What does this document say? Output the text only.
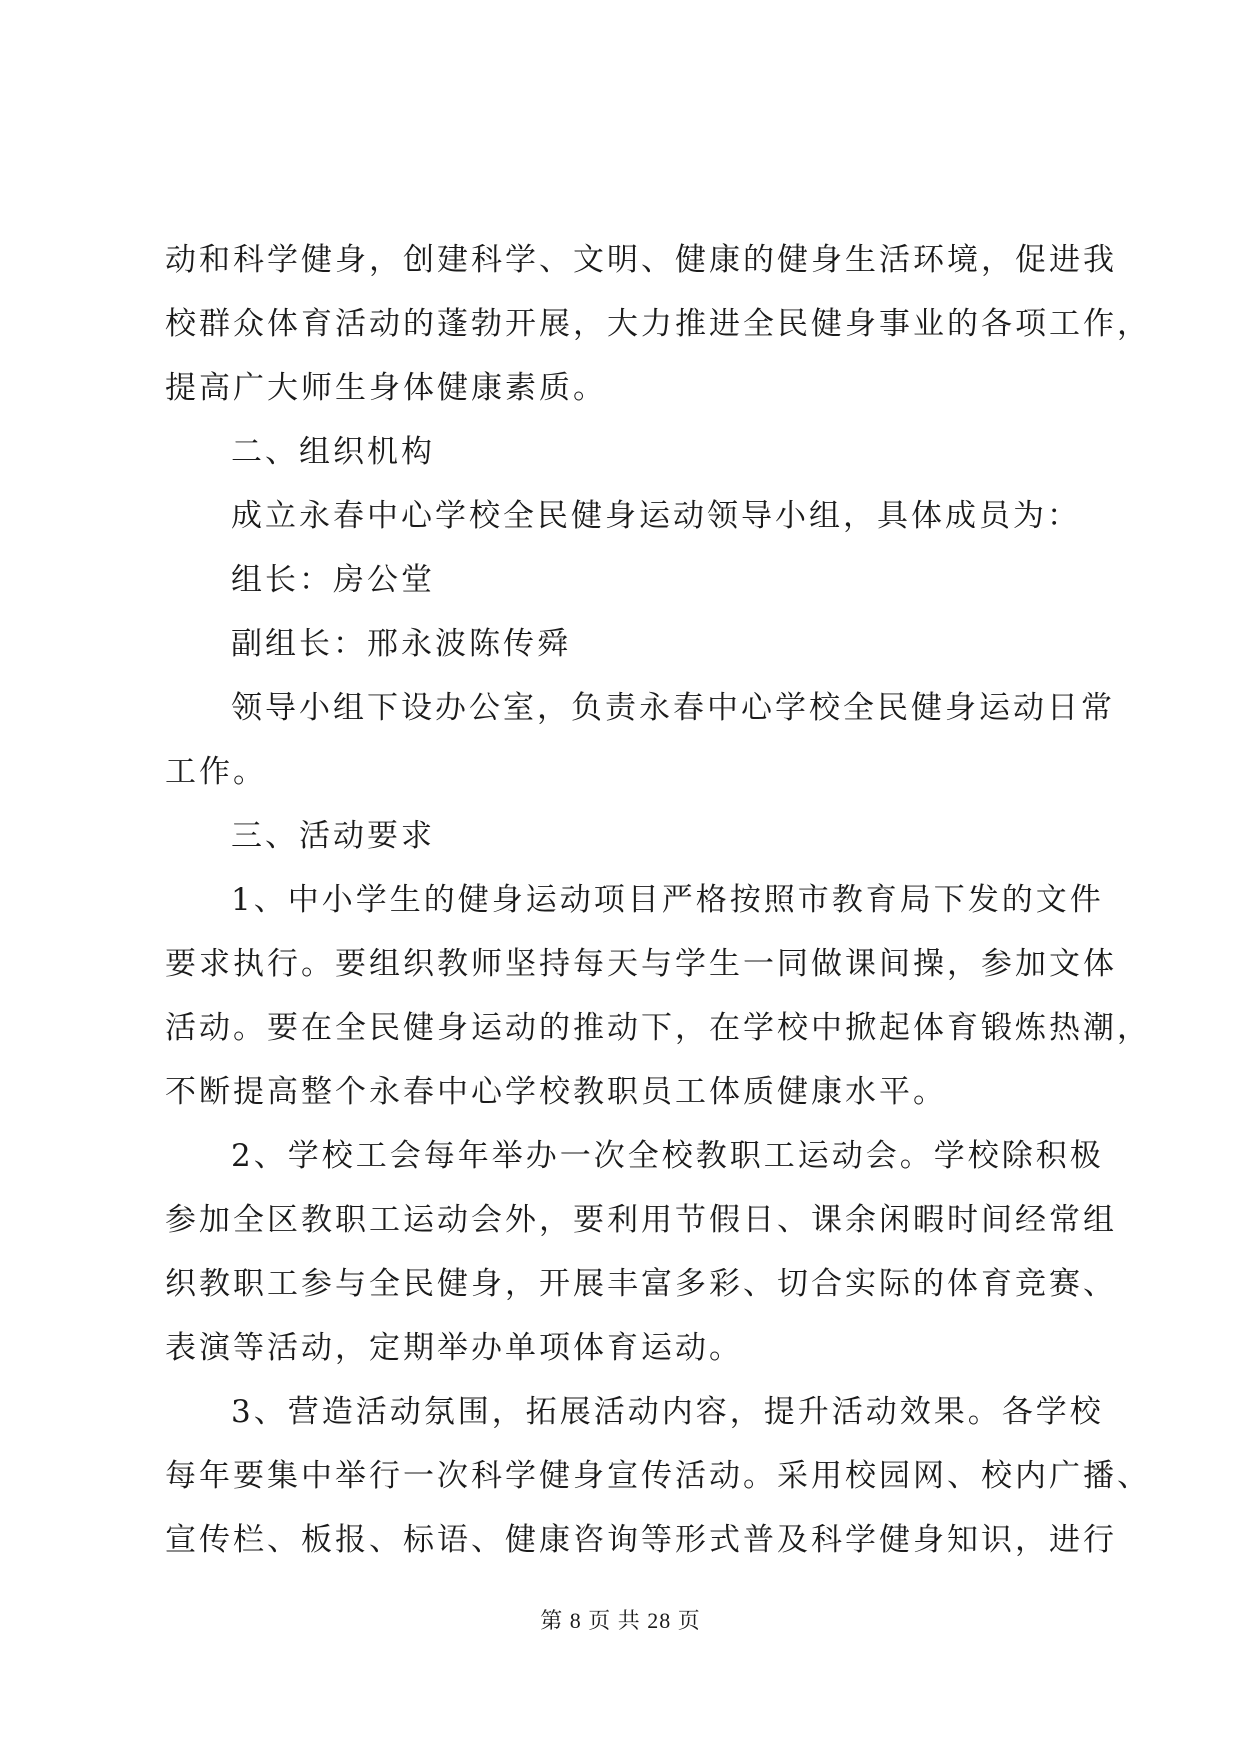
动和科学健身，创建科学、文明、健康的健身生活环境，促进我
校群众体育活动的蓬勃开展，大力推进全民健身事业的各项工作，
提高广大师生身体健康素质。
二、组织机构
成立永春中心学校全民健身运动领导小组，具体成员为：
组长：房公堂
副组长：邢永波陈传舜
领导小组下设办公室，负责永春中心学校全民健身运动日常
工作。
三、活动要求
1、中小学生的健身运动项目严格按照市教育局下发的文件
要求执行。要组织教师坚持每天与学生一同做课间操，参加文体
活动。要在全民健身运动的推动下，在学校中掀起体育锻炼热潮，
不断提高整个永春中心学校教职员工体质健康水平。
2、学校工会每年举办一次全校教职工运动会。学校除积极
参加全区教职工运动会外，要利用节假日、课余闲暇时间经常组
织教职工参与全民健身，开展丰富多彩、切合实际的体育竞赛、
表演等活动，定期举办单项体育运动。
3、营造活动氛围，拓展活动内容，提升活动效果。各学校
每年要集中举行一次科学健身宣传活动。采用校园网、校内广播、
宣传栏、板报、标语、健康咨询等形式普及科学健身知识，进行
第 8 页 共 28 页
